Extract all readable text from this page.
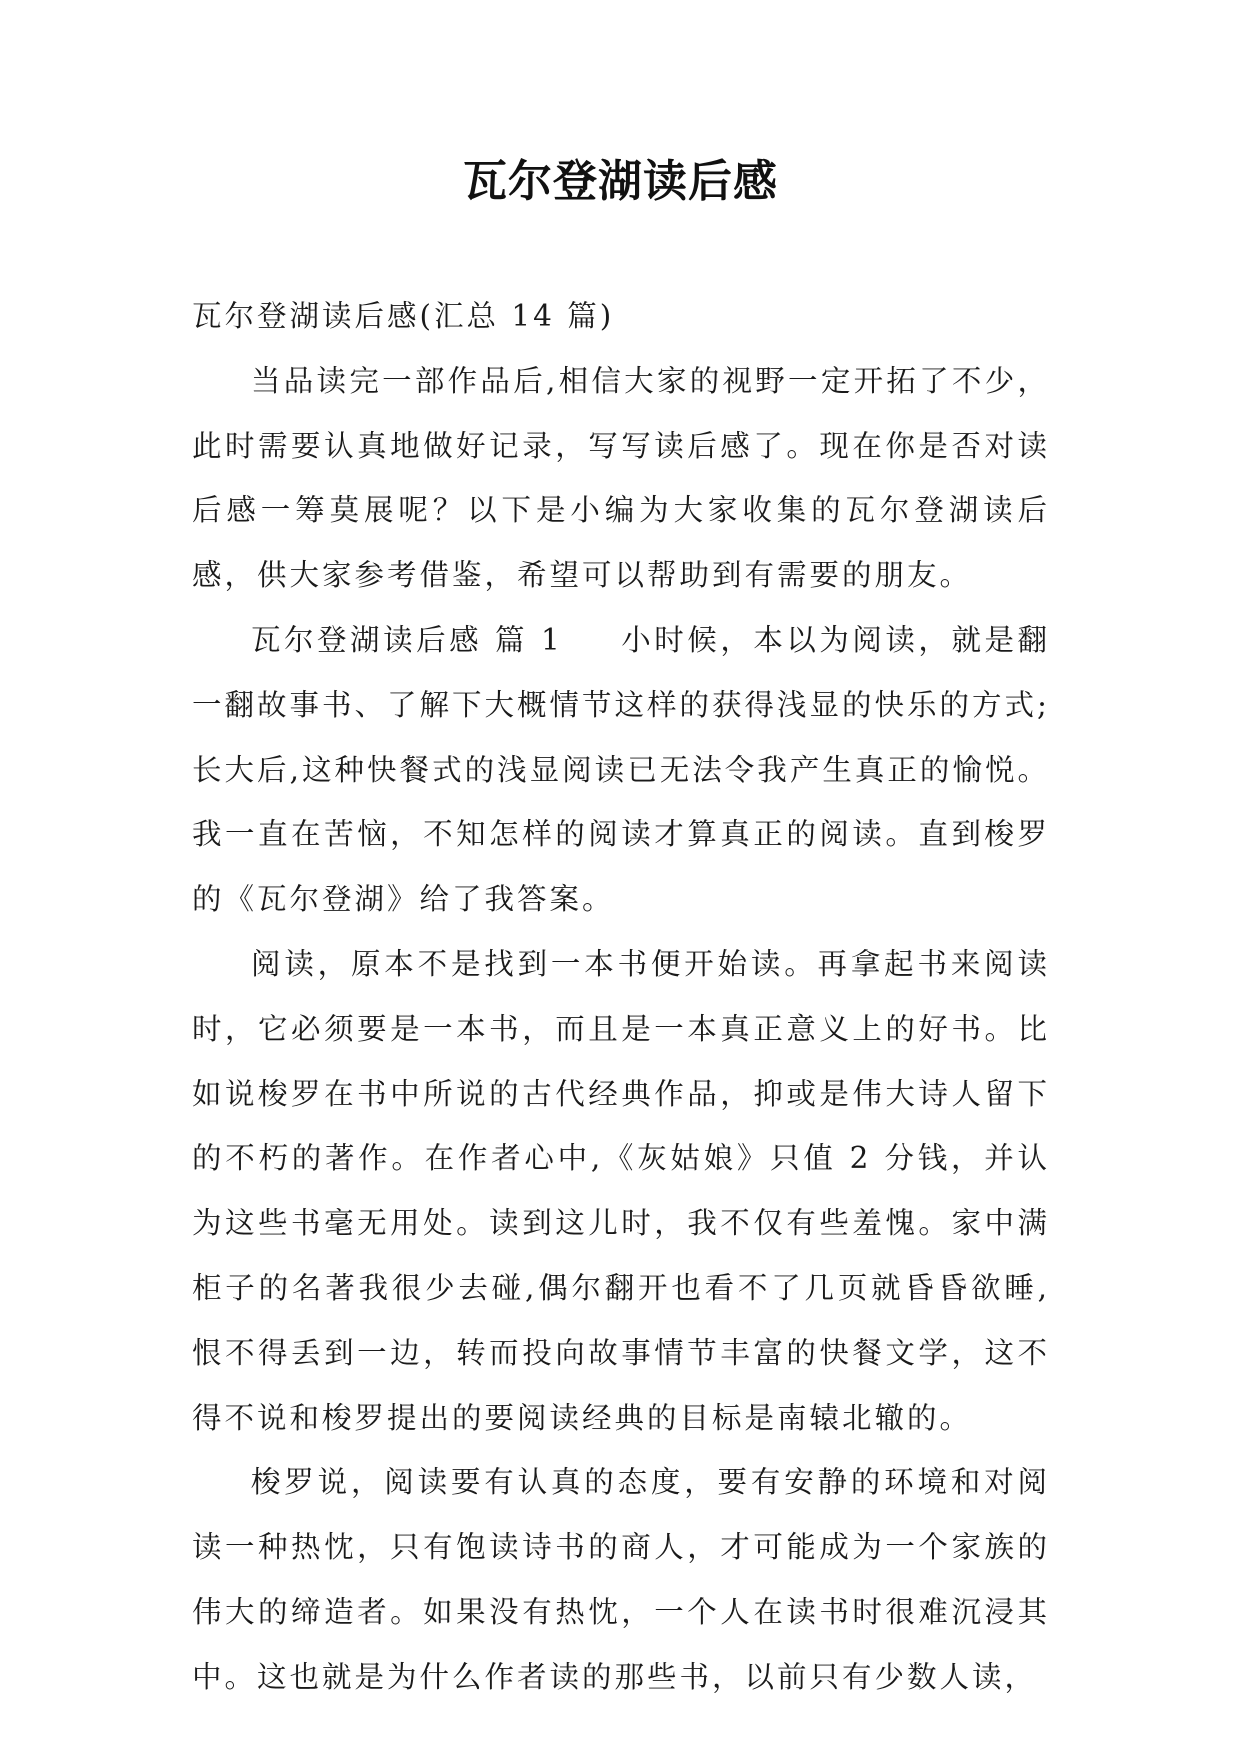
瓦尔登湖读后感

瓦尔登湖读后感(汇总 14 篇)

当品读完一部作品后,相信大家的视野一定开拓了不少，此时需要认真地做好记录，写写读后感了。现在你是否对读后感一筹莫展呢？以下是小编为大家收集的瓦尔登湖读后感，供大家参考借鉴，希望可以帮助到有需要的朋友。

瓦尔登湖读后感 篇 1 小时候，本以为阅读，就是翻一翻故事书、了解下大概情节这样的获得浅显的快乐的方式;长大后,这种快餐式的浅显阅读已无法令我产生真正的愉悦。我一直在苦恼，不知怎样的阅读才算真正的阅读。直到梭罗的《瓦尔登湖》给了我答案。

阅读，原本不是找到一本书便开始读。再拿起书来阅读时，它必须要是一本书，而且是一本真正意义上的好书。比如说梭罗在书中所说的古代经典作品，抑或是伟大诗人留下的不朽的著作。在作者心中,《灰姑娘》只值 2 分钱，并认为这些书毫无用处。读到这儿时，我不仅有些羞愧。家中满柜子的名著我很少去碰,偶尔翻开也看不了几页就昏昏欲睡,恨不得丢到一边，转而投向故事情节丰富的快餐文学，这不得不说和梭罗提出的要阅读经典的目标是南辕北辙的。

梭罗说，阅读要有认真的态度，要有安静的环境和对阅读一种热忱，只有饱读诗书的商人，才可能成为一个家族的伟大的缔造者。如果没有热忱，一个人在读书时很难沉浸其中。这也就是为什么作者读的那些书，以前只有少数人读，
